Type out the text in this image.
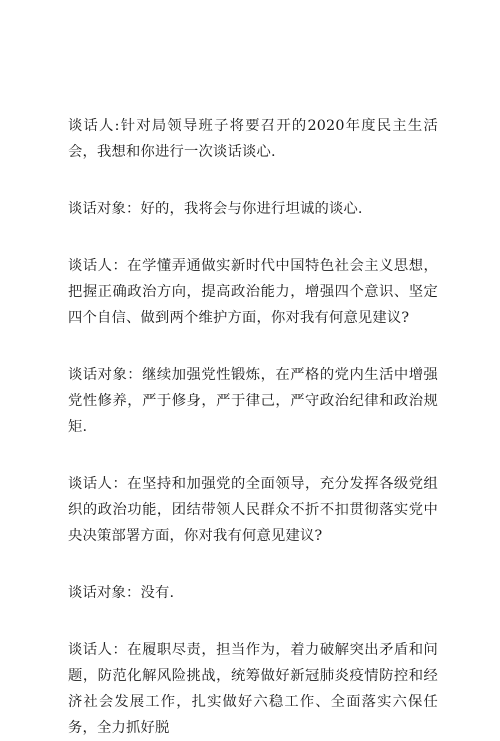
谈话人:针对局领导班子将要召开的2020年度民主生活会，我想和你进行一次谈话谈心.

谈话对象：好的，我将会与你进行坦诚的谈心.

谈话人：在学懂弄通做实新时代中国特色社会主义思想，把握正确政治方向，提高政治能力，增强四个意识、坚定四个自信、做到两个维护方面，你对我有何意见建议?

谈话对象：继续加强党性锻炼，在严格的党内生活中增强党性修养，严于修身，严于律己，严守政治纪律和政治规矩.

谈话人：在坚持和加强党的全面领导，充分发挥各级党组织的政治功能，团结带领人民群众不折不扣贯彻落实党中央决策部署方面，你对我有何意见建议?

谈话对象：没有.

谈话人：在履职尽责，担当作为，着力破解突出矛盾和问题，防范化解风险挑战，统筹做好新冠肺炎疫情防控和经济社会发展工作，扎实做好六稳工作、全面落实六保任务，全力抓好脱
